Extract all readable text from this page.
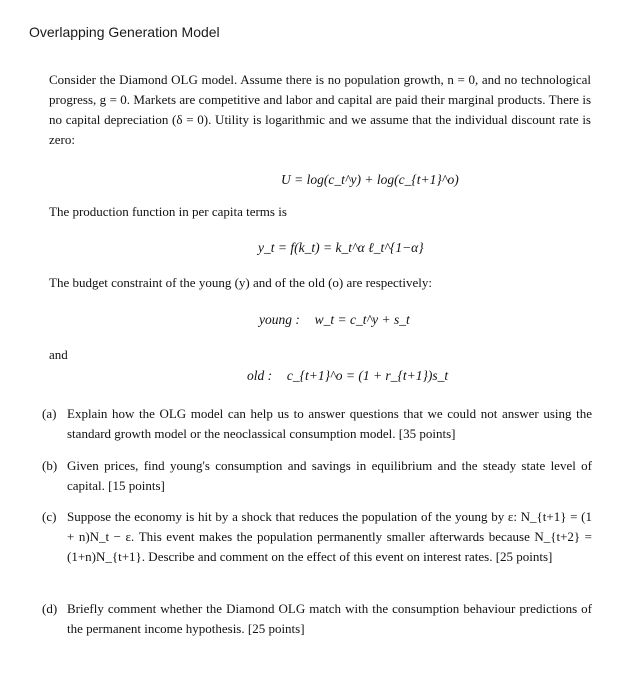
Overlapping Generation Model
Consider the Diamond OLG model. Assume there is no population growth, n = 0, and no technological progress, g = 0. Markets are competitive and labor and capital are paid their marginal products. There is no capital depreciation (δ = 0). Utility is logarithmic and we assume that the individual discount rate is zero:
U = log(c_t^y) + log(c_{t+1}^o)
The production function in per capita terms is
y_t = f(k_t) = k_t^α ℓ_t^{1−α}
The budget constraint of the young (y) and of the old (o) are respectively:
young : w_t = c_t^y + s_t
and
old : c_{t+1}^o = (1 + r_{t+1})s_t
(a) Explain how the OLG model can help us to answer questions that we could not answer using the standard growth model or the neoclassical consumption model. [35 points]
(b) Given prices, find young's consumption and savings in equilibrium and the steady state level of capital. [15 points]
(c) Suppose the economy is hit by a shock that reduces the population of the young by ε: N_{t+1} = (1 + n)N_t − ε. This event makes the population permanently smaller afterwards because N_{t+2} = (1+n)N_{t+1}. Describe and comment on the effect of this event on interest rates. [25 points]
(d) Briefly comment whether the Diamond OLG match with the consumption behaviour predictions of the permanent income hypothesis. [25 points]
